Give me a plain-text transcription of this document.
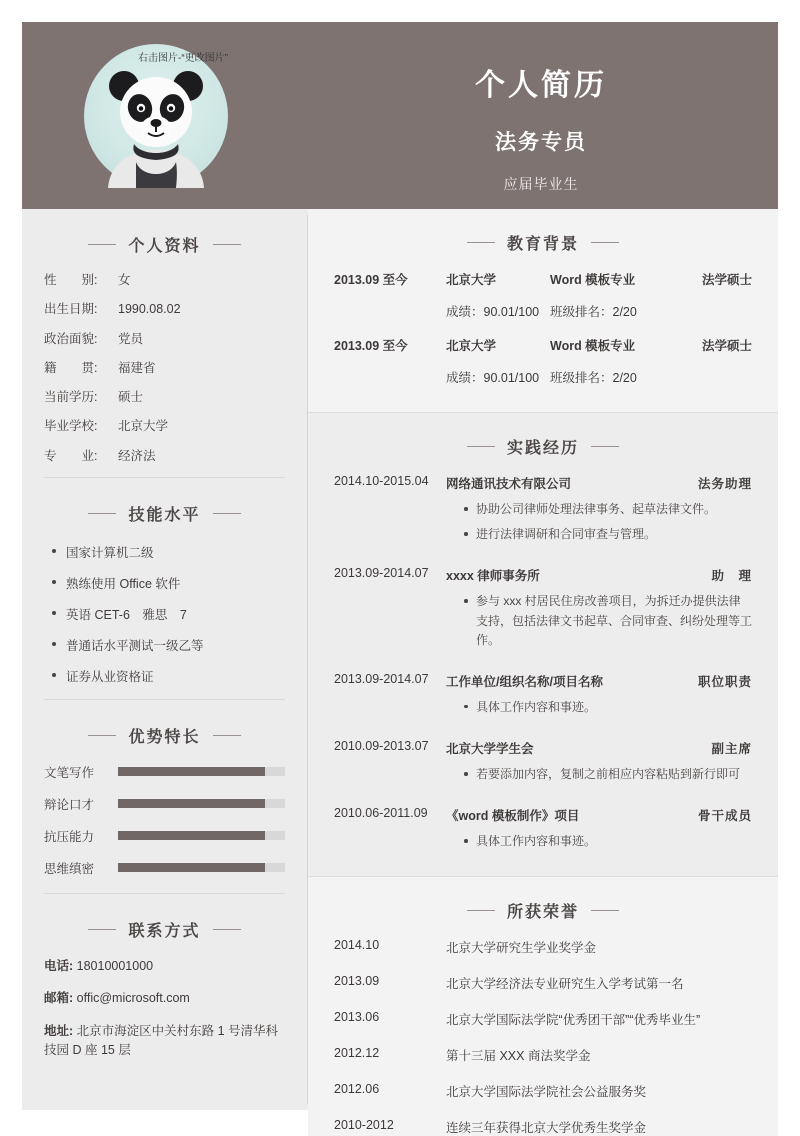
右击图片-“更改图片”
个人简历
法务专员
应届毕业生
个人资料
性　　别:	女
出生日期:	1990.08.02
政治面貌:	党员
籍　　贯:	福建省
当前学历:	硕士
毕业学校:	北京大学
专　　业:	经济法
技能水平
国家计算机二级
熟练使用 Office 软件
英语 CET-6　雅思　7
普通话水平测试一级乙等
证券从业资格证
优势特长
文笔写作
辩论口才
抗压能力
思维缜密
联系方式
电话: 18010001000
邮箱: offic@microsoft.com
地址: 北京市海淀区中关村东路 1 号清华科技园 D 座 15 层
教育背景
2013.09 至今	北京大学	Word 模板专业	法学硕士
成绩：90.01/100 班级排名：2/20
2013.09 至今	北京大学	Word 模板专业	法学硕士
成绩：90.01/100 班级排名：2/20
实践经历
2014.10-2015.04	网络通讯技术有限公司	法务助理
协助公司律师处理法律事务、起草法律文件。
进行法律调研和合同审查与管理。
2013.09-2014.07	xxxx 律师事务所	助　理
参与 xxx 村居民住房改善项目，为拆迁办提供法律支持，包括法律文书起草、合同审查、纠纷处理等工作。
2013.09-2014.07	工作单位/组织名称/项目名称	职位职责
具体工作内容和事迹。
2010.09-2013.07	北京大学学生会	副主席
若要添加内容，复制之前相应内容粘贴到新行即可
2010.06-2011.09	《word 模板制作》项目	骨干成员
具体工作内容和事迹。
所获荣誉
2014.10	北京大学研究生学业奖学金
2013.09	北京大学经济法专业研究生入学考试第一名
2013.06	北京大学国际法学院“优秀团干部”“优秀毕业生”
2012.12	第十三届 XXX 商法奖学金
2012.06	北京大学国际法学院社会公益服务奖
2010-2012	连续三年获得北京大学优秀生奖学金
